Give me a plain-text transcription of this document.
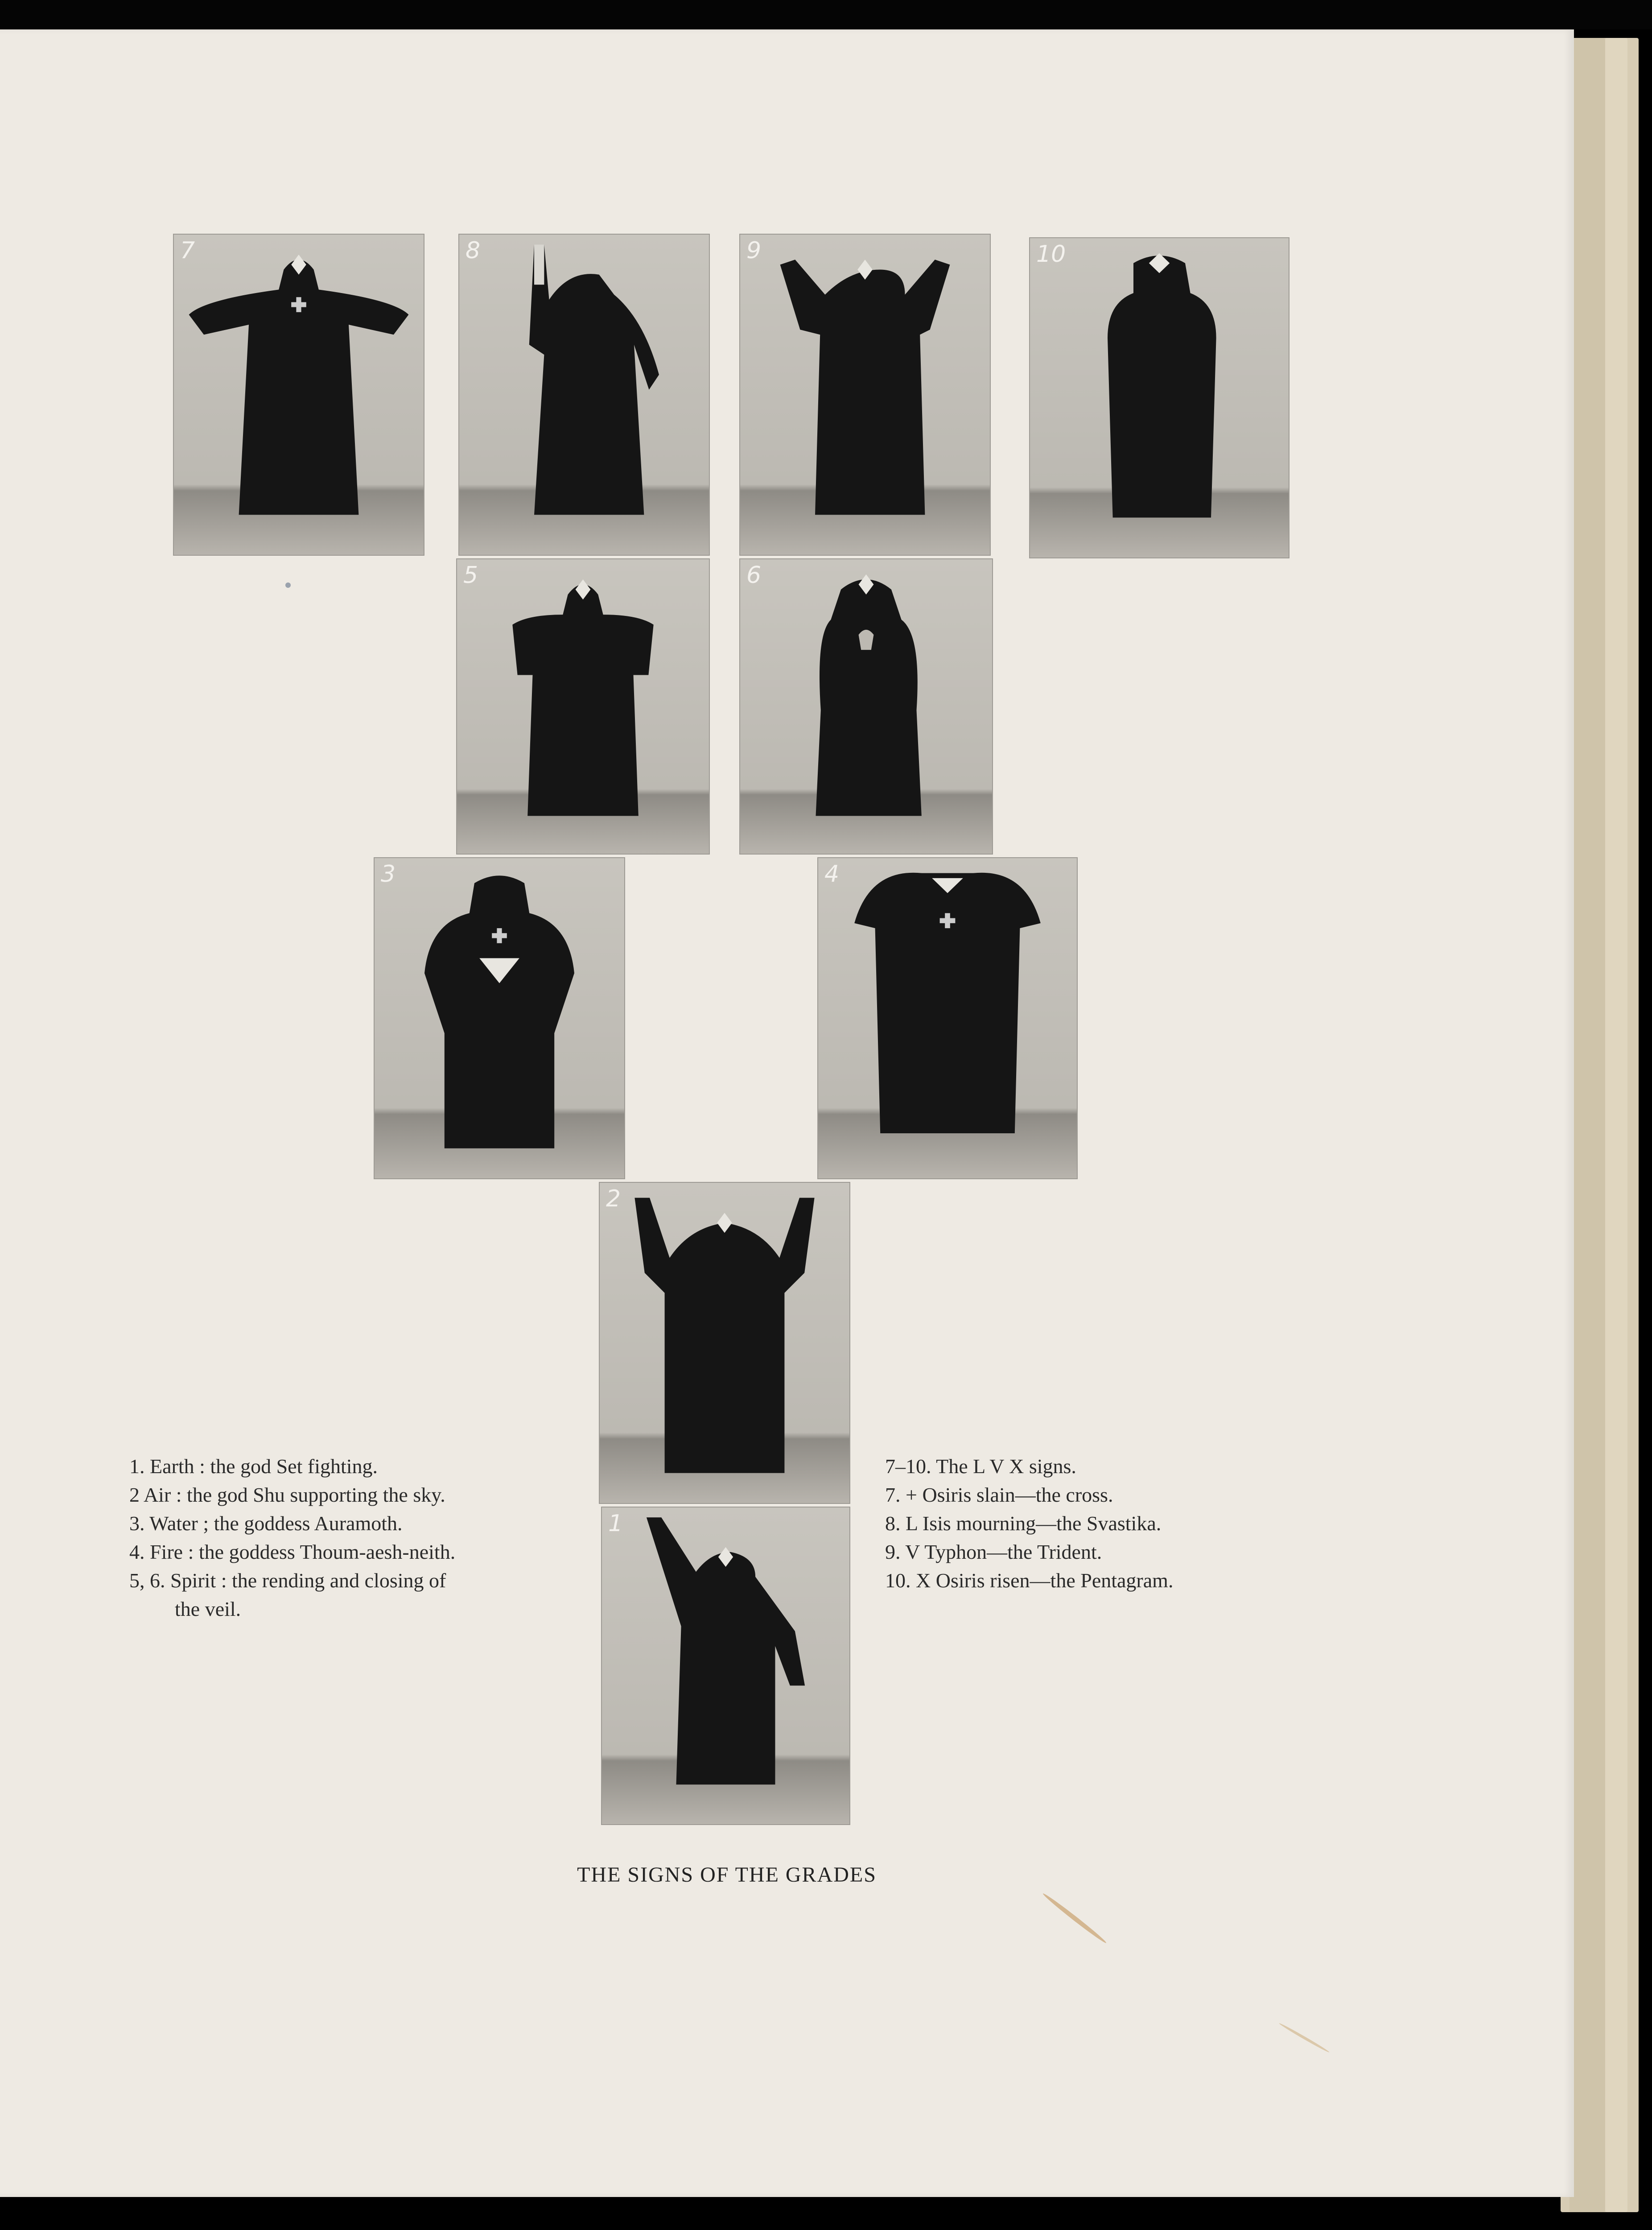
7	8	9	10
5	6
3	4
2
1
1. Earth : the god Set fighting.
2 Air : the god Shu supporting the sky.
3. Water ; the goddess Auramoth.
4. Fire : the goddess Thoum-aesh-neith.
5, 6. Spirit : the rending and closing of
the veil.
7–10. The L V X signs.
7. + Osiris slain—the cross.
8. L Isis mourning—the Svastika.
9. V Typhon—the Trident.
10. X Osiris risen—the Pentagram.
THE SIGNS OF THE GRADES
